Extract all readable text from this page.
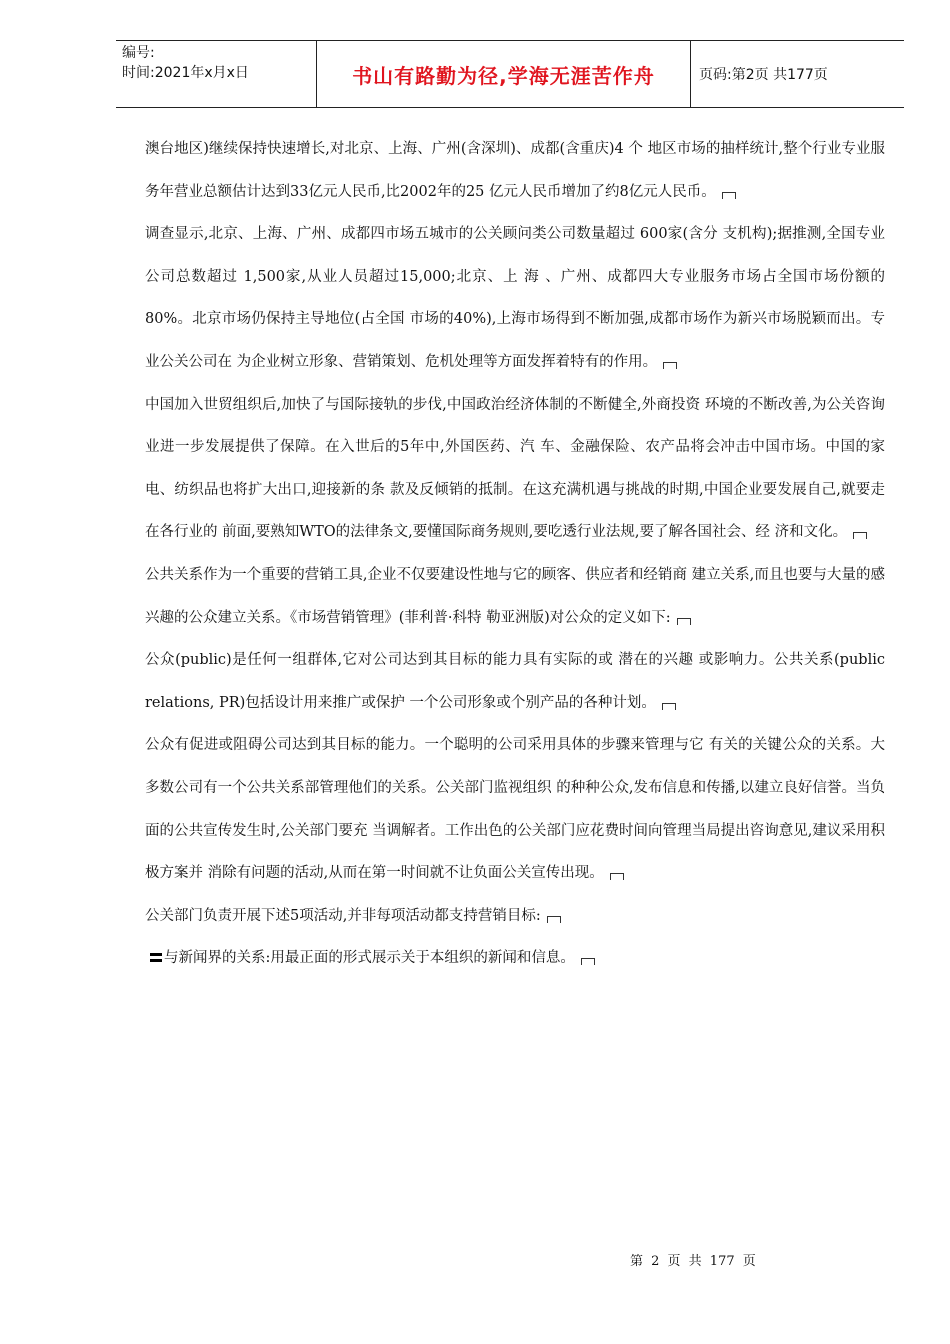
编号:
时间:2021年x月x日	书山有路勤为径,学海无涯苦作舟	页码:第2页 共177页

澳台地区)继续保持快速增长,对北京、上海、广州(含深圳)、成都(含重庆)4 个 地区市场的抽样统计,整个行业专业服务年营业总额估计达到33亿元人民币,比2002年的25 亿元人民币增加了约8亿元人民币。

调查显示,北京、上海、广州、成都四市场五城市的公关顾问类公司数量超过 600家(含分 支机构);据推测,全国专业公司总数超过 1,500家,从业人员超过15,000;北京、上 海 、广州、成都四大专业服务市场占全国市场份额的 80%。北京市场仍保持主导地位(占全国 市场的40%),上海市场得到不断加强,成都市场作为新兴市场脱颖而出。专业公关公司在 为企业树立形象、营销策划、危机处理等方面发挥着特有的作用。

中国加入世贸组织后,加快了与国际接轨的步伐,中国政治经济体制的不断健全,外商投资 环境的不断改善,为公关咨询业进一步发展提供了保障。在入世后的5年中,外国医药、汽 车、金融保险、农产品将会冲击中国市场。中国的家电、纺织品也将扩大出口,迎接新的条 款及反倾销的抵制。在这充满机遇与挑战的时期,中国企业要发展自己,就要走在各行业的 前面,要熟知WTO的法律条文,要懂国际商务规则,要吃透行业法规,要了解各国社会、经 济和文化。

公共关系作为一个重要的营销工具,企业不仅要建设性地与它的顾客、供应者和经销商 建立关系,而且也要与大量的感兴趣的公众建立关系。《市场营销管理》(菲利普·科特 勒亚洲版)对公众的定义如下:

公众(public)是任何一组群体,它对公司达到其目标的能力具有实际的或 潜在的兴趣 或影响力。公共关系(public relations, PR)包括设计用来推广或保护 一个公司形象或个别产品的各种计划。

公众有促进或阻碍公司达到其目标的能力。一个聪明的公司采用具体的步骤来管理与它 有关的关键公众的关系。大多数公司有一个公共关系部管理他们的关系。公关部门监视组织 的种种公众,发布信息和传播,以建立良好信誉。当负面的公共宣传发生时,公关部门要充 当调解者。工作出色的公关部门应花费时间向管理当局提出咨询意见,建议采用积极方案并 消除有问题的活动,从而在第一时间就不让负面公关宣传出现。

公关部门负责开展下述5项活动,并非每项活动都支持营销目标:

与新闻界的关系:用最正面的形式展示关于本组织的新闻和信息。

第 2 页 共 177 页
